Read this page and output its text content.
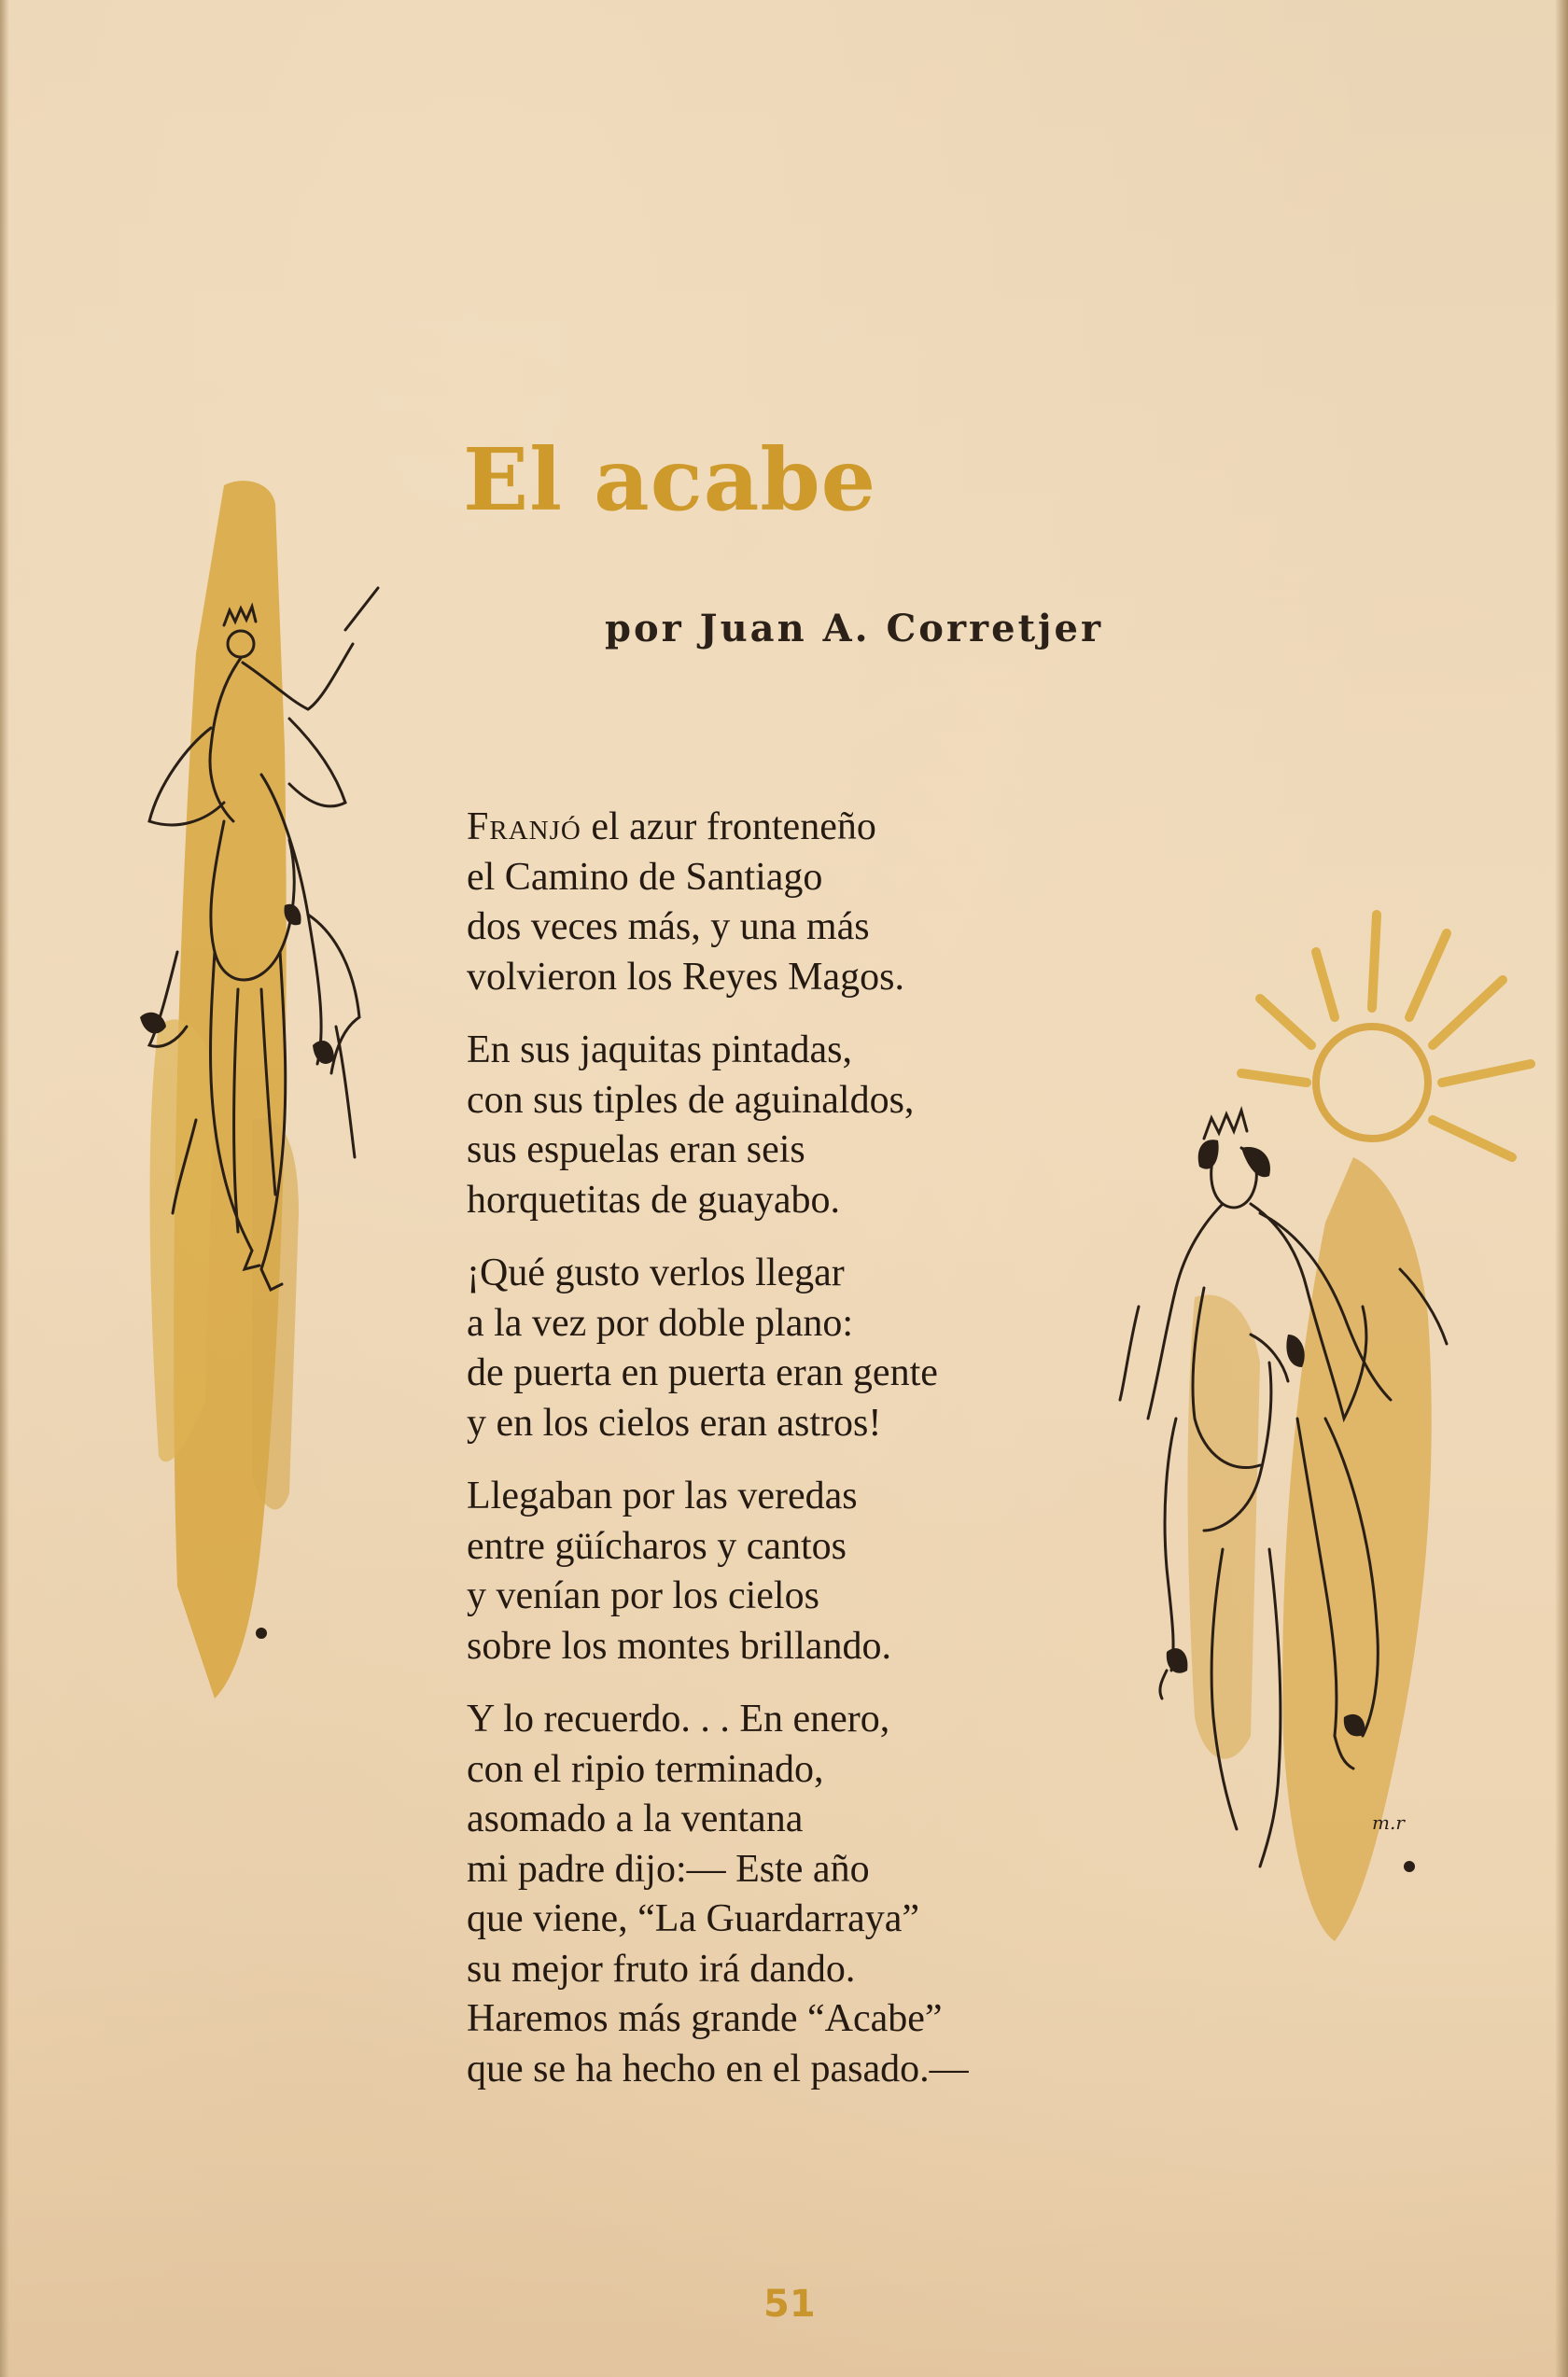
m.r
El acabe

por Juan A. Corretjer

Franjó el azur fronteneño
el Camino de Santiago
dos veces más, y una más
volvieron los Reyes Magos.
En sus jaquitas pintadas,
con sus tiples de aguinaldos,
sus espuelas eran seis
horquetitas de guayabo.
¡Qué gusto verlos llegar
a la vez por doble plano:
de puerta en puerta eran gente
y en los cielos eran astros!
Llegaban por las veredas
entre güícharos y cantos
y venían por los cielos
sobre los montes brillando.
Y lo recuerdo. . . En enero,
con el ripio terminado,
asomado a la ventana
mi padre dijo:— Este año
que viene, “La Guardarraya”
su mejor fruto irá dando.
Haremos más grande “Acabe”
que se ha hecho en el pasado.—

51
